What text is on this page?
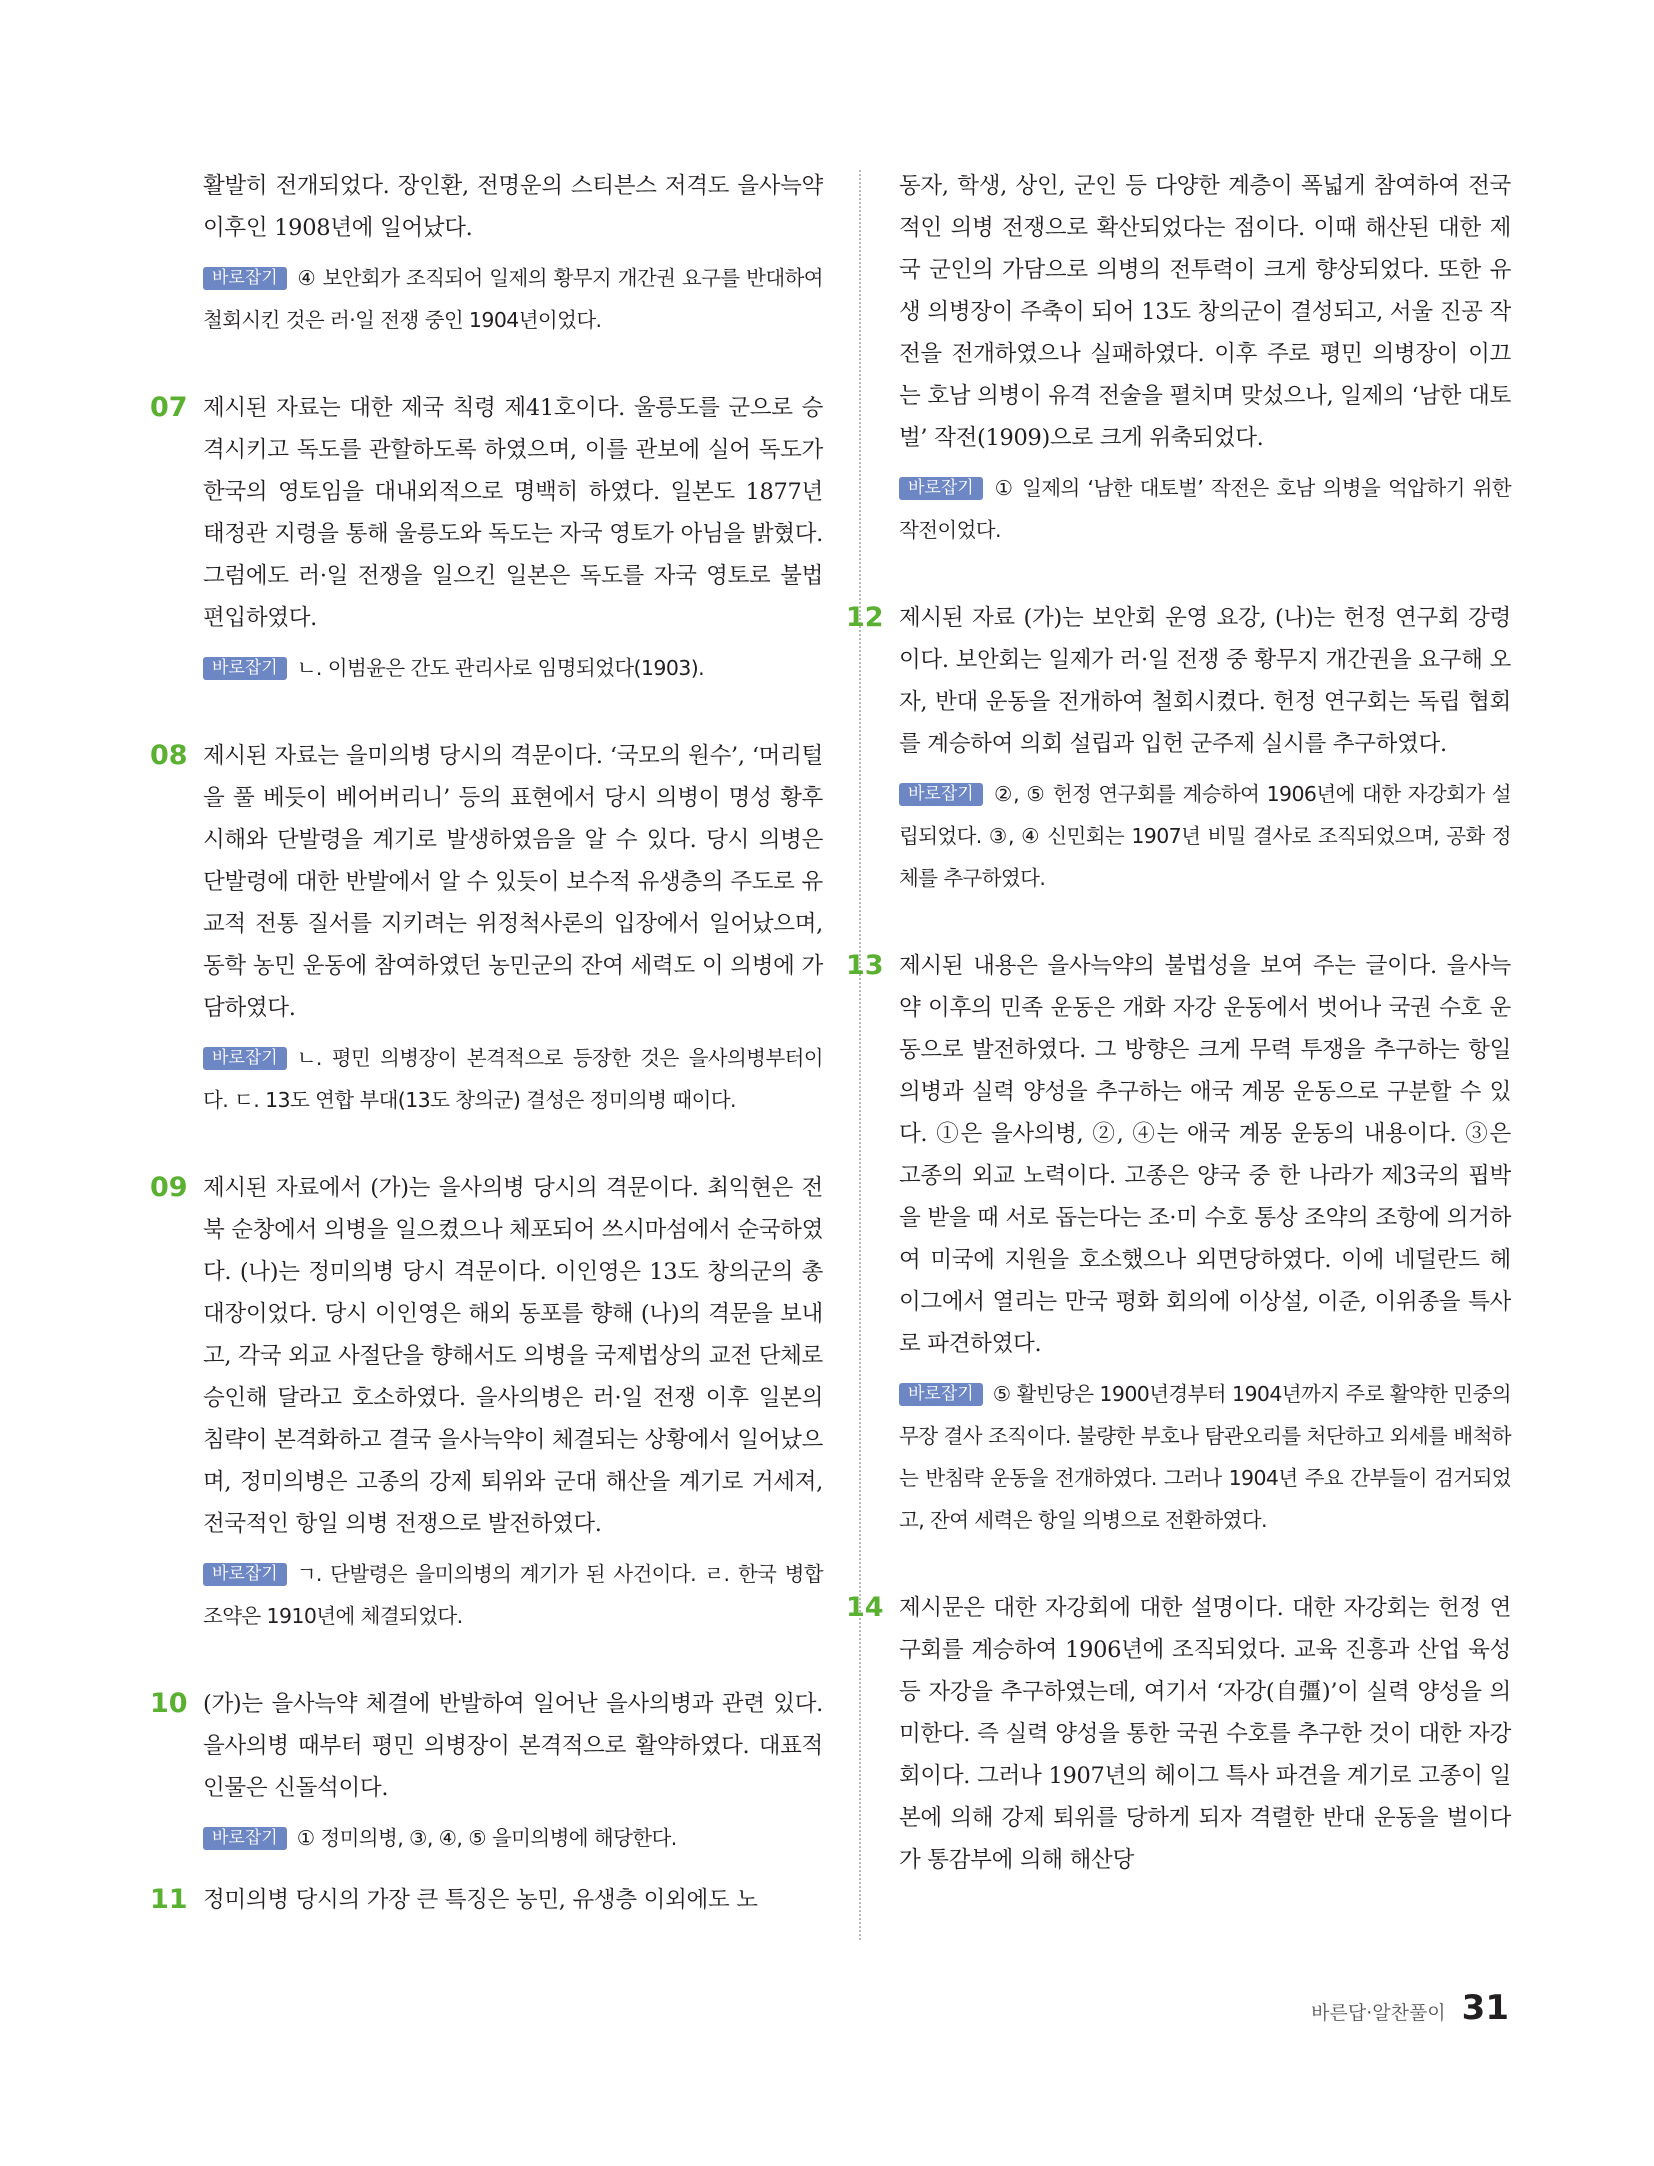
활발히 전개되었다. 장인환, 전명운의 스티븐스 저격도 을사늑약 이후인 1908년에 일어났다.

바로잡기 ④ 보안회가 조직되어 일제의 황무지 개간권 요구를 반대하여 철회시킨 것은 러·일 전쟁 중인 1904년이었다.

07 제시된 자료는 대한 제국 칙령 제41호이다. 울릉도를 군으로 승격시키고 독도를 관할하도록 하였으며, 이를 관보에 실어 독도가 한국의 영토임을 대내외적으로 명백히 하였다. 일본도 1877년 태정관 지령을 통해 울릉도와 독도는 자국 영토가 아님을 밝혔다. 그럼에도 러·일 전쟁을 일으킨 일본은 독도를 자국 영토로 불법 편입하였다.

바로잡기 ㄴ. 이범윤은 간도 관리사로 임명되었다(1903).

08 제시된 자료는 을미의병 당시의 격문이다. ‘국모의 원수’, ‘머리털을 풀 베듯이 베어버리니’ 등의 표현에서 당시 의병이 명성 황후 시해와 단발령을 계기로 발생하였음을 알 수 있다. 당시 의병은 단발령에 대한 반발에서 알 수 있듯이 보수적 유생층의 주도로 유교적 전통 질서를 지키려는 위정척사론의 입장에서 일어났으며, 동학 농민 운동에 참여하였던 농민군의 잔여 세력도 이 의병에 가담하였다.

바로잡기 ㄴ. 평민 의병장이 본격적으로 등장한 것은 을사의병부터이다. ㄷ. 13도 연합 부대(13도 창의군) 결성은 정미의병 때이다.

09 제시된 자료에서 (가)는 을사의병 당시의 격문이다. 최익현은 전북 순창에서 의병을 일으켰으나 체포되어 쓰시마섬에서 순국하였다. (나)는 정미의병 당시 격문이다. 이인영은 13도 창의군의 총대장이었다. 당시 이인영은 해외 동포를 향해 (나)의 격문을 보내고, 각국 외교 사절단을 향해서도 의병을 국제법상의 교전 단체로 승인해 달라고 호소하였다. 을사의병은 러·일 전쟁 이후 일본의 침략이 본격화하고 결국 을사늑약이 체결되는 상황에서 일어났으며, 정미의병은 고종의 강제 퇴위와 군대 해산을 계기로 거세져, 전국적인 항일 의병 전쟁으로 발전하였다.

바로잡기 ㄱ. 단발령은 을미의병의 계기가 된 사건이다. ㄹ. 한국 병합 조약은 1910년에 체결되었다.

10 (가)는 을사늑약 체결에 반발하여 일어난 을사의병과 관련 있다. 을사의병 때부터 평민 의병장이 본격적으로 활약하였다. 대표적 인물은 신돌석이다.

바로잡기 ① 정미의병, ③, ④, ⑤ 을미의병에 해당한다.

11 정미의병 당시의 가장 큰 특징은 농민, 유생층 이외에도 노

동자, 학생, 상인, 군인 등 다양한 계층이 폭넓게 참여하여 전국적인 의병 전쟁으로 확산되었다는 점이다. 이때 해산된 대한 제국 군인의 가담으로 의병의 전투력이 크게 향상되었다. 또한 유생 의병장이 주축이 되어 13도 창의군이 결성되고, 서울 진공 작전을 전개하였으나 실패하였다. 이후 주로 평민 의병장이 이끄는 호남 의병이 유격 전술을 펼치며 맞섰으나, 일제의 ‘남한 대토벌’ 작전(1909)으로 크게 위축되었다.

바로잡기 ① 일제의 ‘남한 대토벌’ 작전은 호남 의병을 억압하기 위한 작전이었다.

12 제시된 자료 (가)는 보안회 운영 요강, (나)는 헌정 연구회 강령이다. 보안회는 일제가 러·일 전쟁 중 황무지 개간권을 요구해 오자, 반대 운동을 전개하여 철회시켰다. 헌정 연구회는 독립 협회를 계승하여 의회 설립과 입헌 군주제 실시를 추구하였다.

바로잡기 ②, ⑤ 헌정 연구회를 계승하여 1906년에 대한 자강회가 설립되었다. ③, ④ 신민회는 1907년 비밀 결사로 조직되었으며, 공화 정체를 추구하였다.

13 제시된 내용은 을사늑약의 불법성을 보여 주는 글이다. 을사늑약 이후의 민족 운동은 개화 자강 운동에서 벗어나 국권 수호 운동으로 발전하였다. 그 방향은 크게 무력 투쟁을 추구하는 항일 의병과 실력 양성을 추구하는 애국 계몽 운동으로 구분할 수 있다. ①은 을사의병, ②, ④는 애국 계몽 운동의 내용이다. ③은 고종의 외교 노력이다. 고종은 양국 중 한 나라가 제3국의 핍박을 받을 때 서로 돕는다는 조·미 수호 통상 조약의 조항에 의거하여 미국에 지원을 호소했으나 외면당하였다. 이에 네덜란드 헤이그에서 열리는 만국 평화 회의에 이상설, 이준, 이위종을 특사로 파견하였다.

바로잡기 ⑤ 활빈당은 1900년경부터 1904년까지 주로 활약한 민중의 무장 결사 조직이다. 불량한 부호나 탐관오리를 처단하고 외세를 배척하는 반침략 운동을 전개하였다. 그러나 1904년 주요 간부들이 검거되었고, 잔여 세력은 항일 의병으로 전환하였다.

14 제시문은 대한 자강회에 대한 설명이다. 대한 자강회는 헌정 연구회를 계승하여 1906년에 조직되었다. 교육 진흥과 산업 육성 등 자강을 추구하였는데, 여기서 ‘자강(自彊)’이 실력 양성을 의미한다. 즉 실력 양성을 통한 국권 수호를 추구한 것이 대한 자강회이다. 그러나 1907년의 헤이그 특사 파견을 계기로 고종이 일본에 의해 강제 퇴위를 당하게 되자 격렬한 반대 운동을 벌이다가 통감부에 의해 해산당

바른답·알찬풀이 31
